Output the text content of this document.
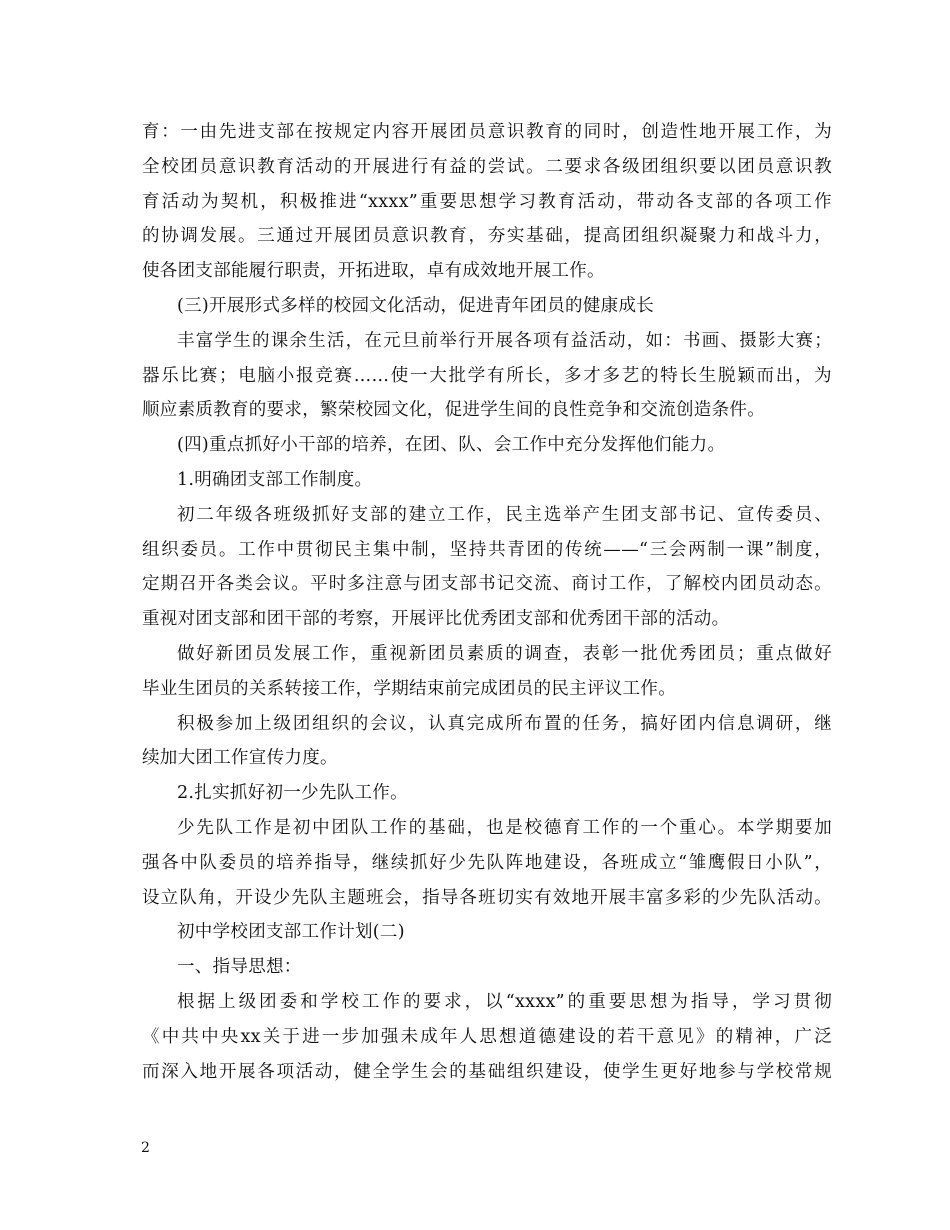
育：一由先进支部在按规定内容开展团员意识教育的同时，创造性地开展工作，为
全校团员意识教育活动的开展进行有益的尝试。二要求各级团组织要以团员意识教
育活动为契机，积极推进“xxxx”重要思想学习教育活动，带动各支部的各项工作
的协调发展。三通过开展团员意识教育，夯实基础，提高团组织凝聚力和战斗力，
使各团支部能履行职责，开拓进取，卓有成效地开展工作。
(三)开展形式多样的校园文化活动，促进青年团员的健康成长
丰富学生的课余生活，在元旦前举行开展各项有益活动，如：书画、摄影大赛；
器乐比赛；电脑小报竞赛……使一大批学有所长，多才多艺的特长生脱颖而出，为
顺应素质教育的要求，繁荣校园文化，促进学生间的良性竞争和交流创造条件。
(四)重点抓好小干部的培养，在团、队、会工作中充分发挥他们能力。
1.明确团支部工作制度。
初二年级各班级抓好支部的建立工作，民主选举产生团支部书记、宣传委员、
组织委员。工作中贯彻民主集中制，坚持共青团的传统——“三会两制一课”制度，
定期召开各类会议。平时多注意与团支部书记交流、商讨工作，了解校内团员动态。
重视对团支部和团干部的考察，开展评比优秀团支部和优秀团干部的活动。
做好新团员发展工作，重视新团员素质的调查，表彰一批优秀团员；重点做好
毕业生团员的关系转接工作，学期结束前完成团员的民主评议工作。
积极参加上级团组织的会议，认真完成所布置的任务，搞好团内信息调研，继
续加大团工作宣传力度。
2.扎实抓好初一少先队工作。
少先队工作是初中团队工作的基础，也是校德育工作的一个重心。本学期要加
强各中队委员的培养指导，继续抓好少先队阵地建设，各班成立“雏鹰假日小队”，
设立队角，开设少先队主题班会，指导各班切实有效地开展丰富多彩的少先队活动。
初中学校团支部工作计划(二)
一、指导思想：
根据上级团委和学校工作的要求，以“xxxx”的重要思想为指导，学习贯彻
《中共中央xx关于进一步加强未成年人思想道德建设的若干意见》的精神，广泛
而深入地开展各项活动，健全学生会的基础组织建设，使学生更好地参与学校常规
2
